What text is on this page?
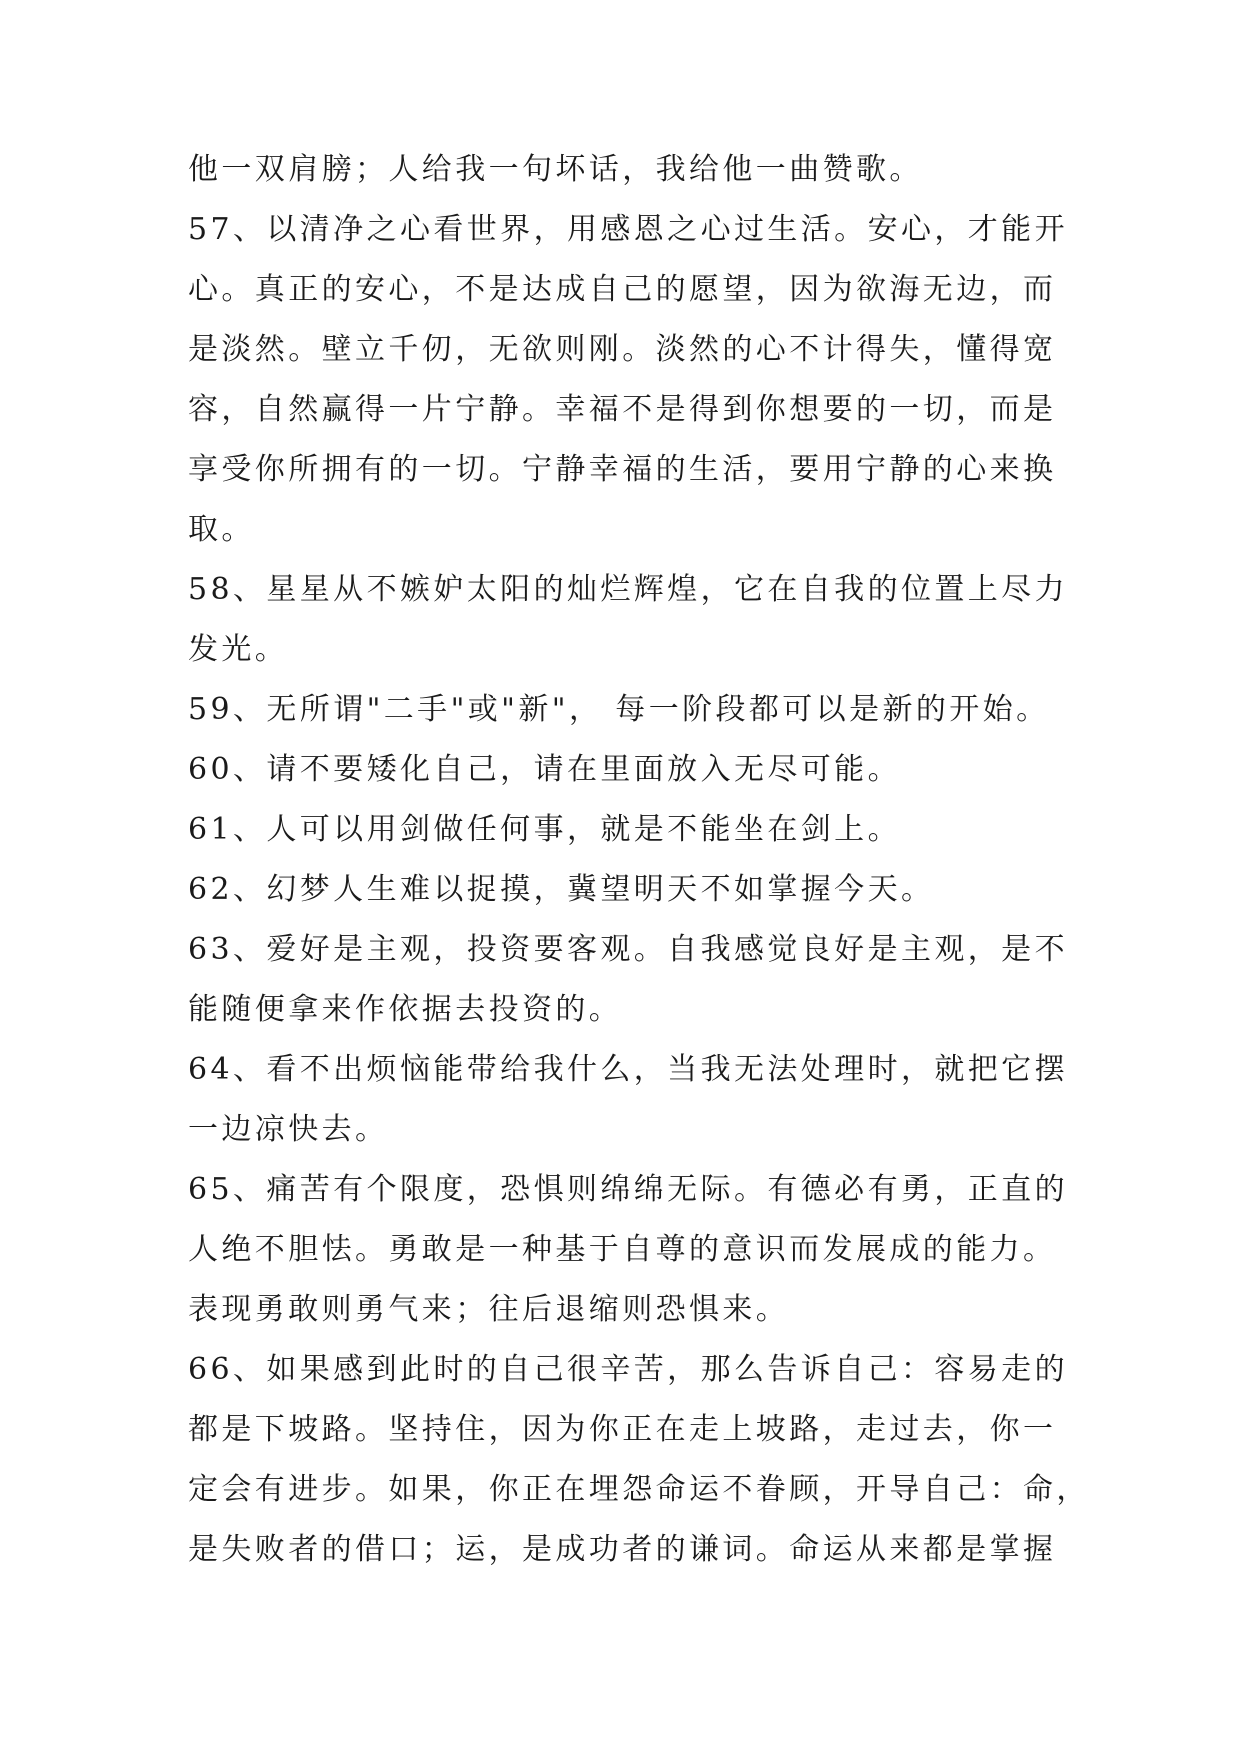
他一双肩膀；人给我一句坏话，我给他一曲赞歌。
57、以清净之心看世界，用感恩之心过生活。安心，才能开
心。真正的安心，不是达成自己的愿望，因为欲海无边，而
是淡然。壁立千仞，无欲则刚。淡然的心不计得失，懂得宽
容，自然赢得一片宁静。幸福不是得到你想要的一切，而是
享受你所拥有的一切。宁静幸福的生活，要用宁静的心来换
取。
58、星星从不嫉妒太阳的灿烂辉煌，它在自我的位置上尽力
发光。
59、无所谓"二手"或"新"， 每一阶段都可以是新的开始。
60、请不要矮化自己，请在里面放入无尽可能。
61、人可以用剑做任何事，就是不能坐在剑上。
62、幻梦人生难以捉摸，冀望明天不如掌握今天。
63、爱好是主观，投资要客观。自我感觉良好是主观，是不
能随便拿来作依据去投资的。
64、看不出烦恼能带给我什么，当我无法处理时，就把它摆
一边凉快去。
65、痛苦有个限度，恐惧则绵绵无际。有德必有勇，正直的
人绝不胆怯。勇敢是一种基于自尊的意识而发展成的能力。
表现勇敢则勇气来；往后退缩则恐惧来。
66、如果感到此时的自己很辛苦，那么告诉自己：容易走的
都是下坡路。坚持住，因为你正在走上坡路，走过去，你一
定会有进步。如果，你正在埋怨命运不眷顾，开导自己：命，
是失败者的借口；运，是成功者的谦词。命运从来都是掌握
